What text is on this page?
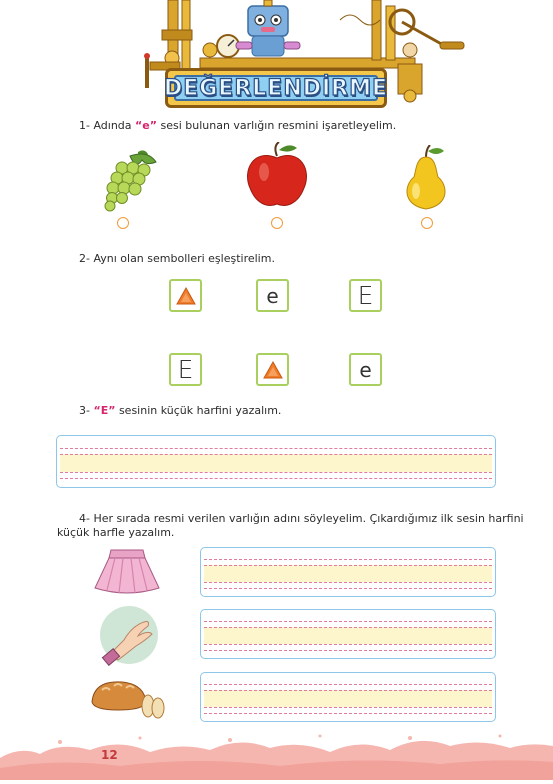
DEĞERLENDİRME
1- Adında “e” sesi bulunan varlığın resmini işaretleyelim.
2- Aynı olan sembolleri eşleştirelim.
e	E
E	e
3- “E” sesinin küçük harfini yazalım.
4- Her sırada resmi verilen varlığın adını söyleyelim. Çıkardığımız ilk sesin harfini
küçük harfle yazalım.
12
